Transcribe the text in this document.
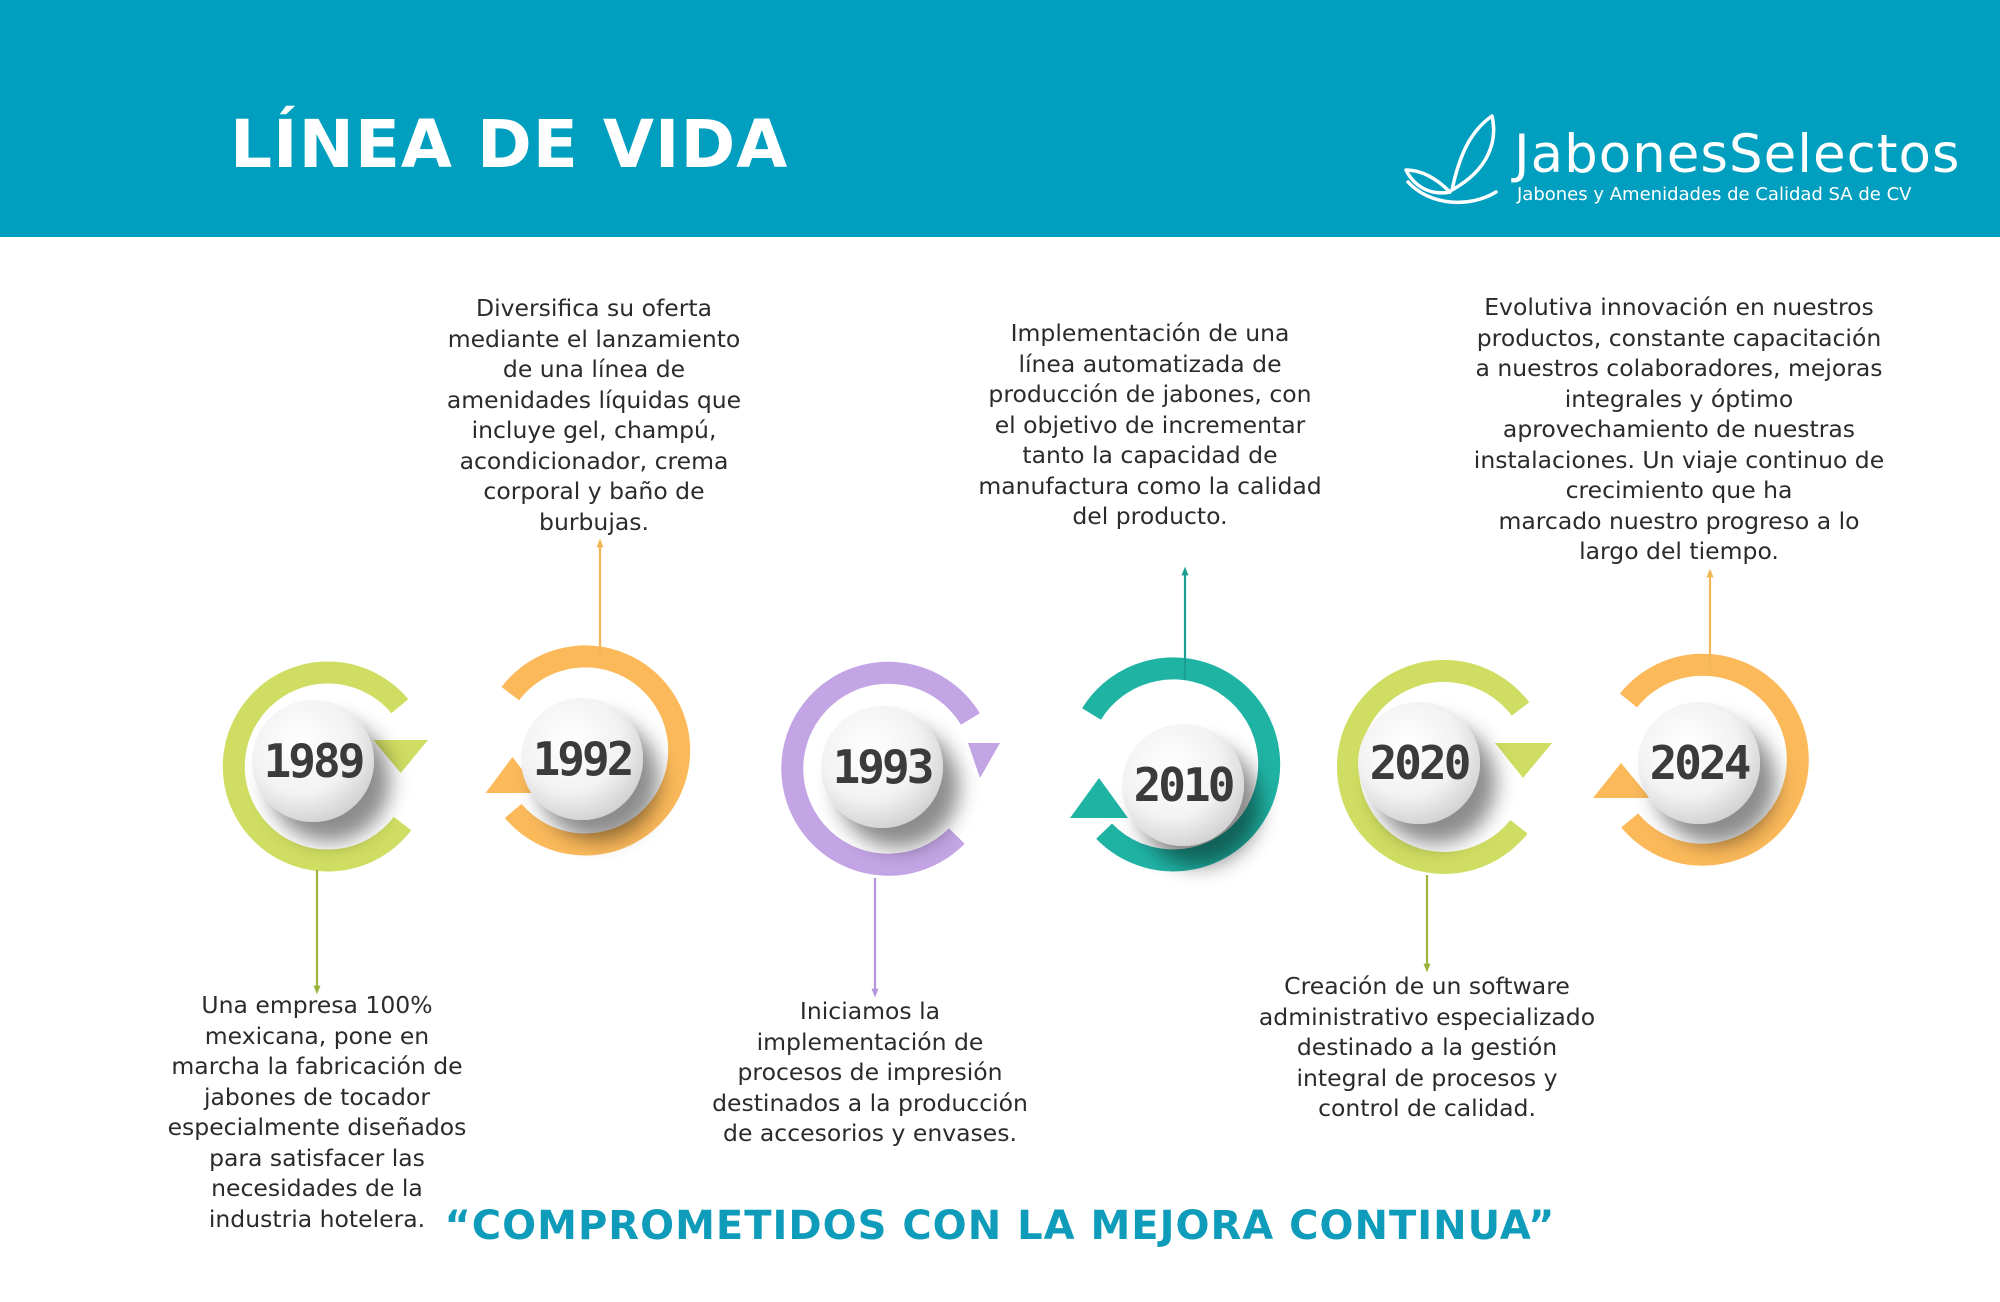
LÍNEA DE VIDA	JabonesSelectos
Jabones y Amenidades de Calidad SA de CV
1989	1992	1993	2010	2020	2024

Una empresa 100%
mexicana, pone en
marcha la fabricación de
jabones de tocador
especialmente diseñados
para satisfacer las
necesidades de la
industria hotelera.

Diversifica su oferta
mediante el lanzamiento
de una línea de
amenidades líquidas que
incluye gel, champú,
acondicionador, crema
corporal y baño de
burbujas.

Iniciamos la
implementación de
procesos de impresión
destinados a la producción
de accesorios y envases.

Implementación de una
línea automatizada de
producción de jabones, con
el objetivo de incrementar
tanto la capacidad de
manufactura como la calidad
del producto.

Creación de un software
administrativo especializado
destinado a la gestión
integral de procesos y
control de calidad.

Evolutiva innovación en nuestros
productos, constante capacitación
a nuestros colaboradores, mejoras
integrales y óptimo
aprovechamiento de nuestras
instalaciones. Un viaje continuo de
crecimiento que ha
marcado nuestro progreso a lo
largo del tiempo.

“COMPROMETIDOS CON LA MEJORA CONTINUA”
